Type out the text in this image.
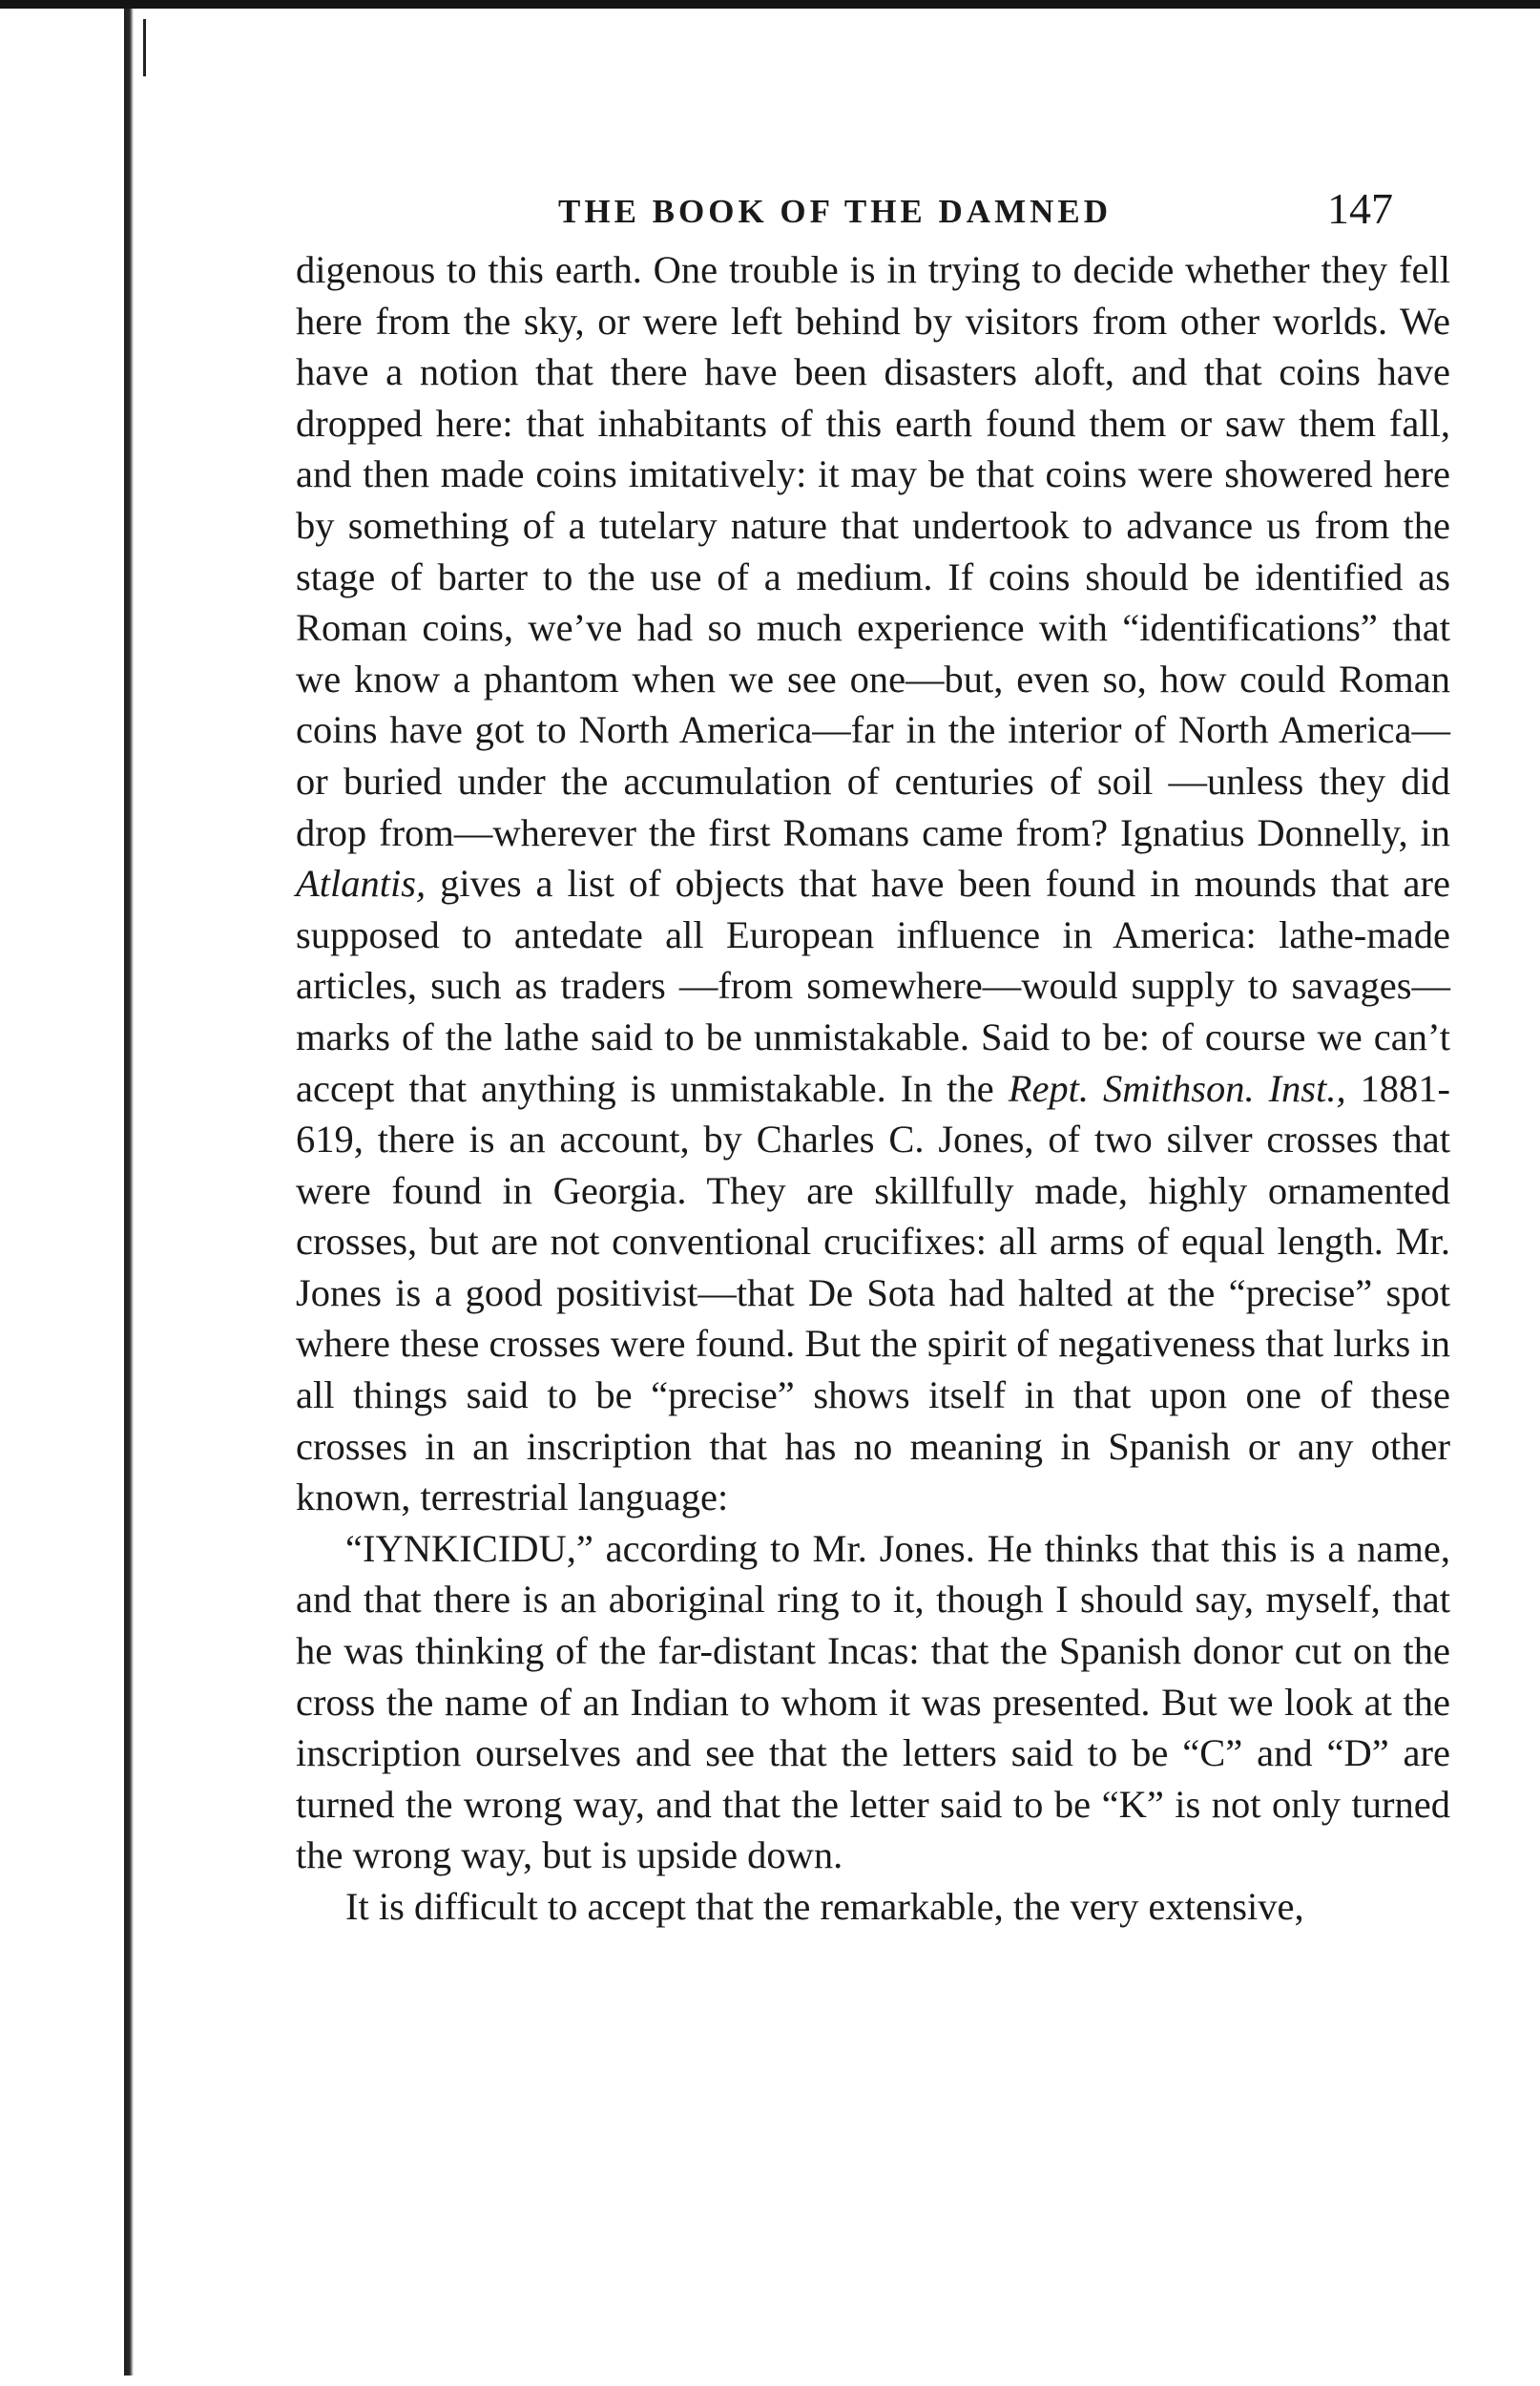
THE BOOK OF THE DAMNED	147

digenous to this earth. One trouble is in trying to decide whether they fell here from the sky, or were left behind by visitors from other worlds. We have a notion that there have been disasters aloft, and that coins have dropped here: that inhabitants of this earth found them or saw them fall, and then made coins imitatively: it may be that coins were showered here by something of a tutelary nature that undertook to advance us from the stage of barter to the use of a medium. If coins should be identified as Roman coins, we’ve had so much experience with “identifications” that we know a phantom when we see one—but, even so, how could Roman coins have got to North America—far in the interior of North America—or buried under the accumulation of centuries of soil —unless they did drop from—wherever the first Romans came from? Ignatius Donnelly, in Atlantis, gives a list of objects that have been found in mounds that are supposed to antedate all European influence in America: lathe-made articles, such as traders —from somewhere—would supply to savages—marks of the lathe said to be unmistakable. Said to be: of course we can’t accept that anything is unmistakable. In the Rept. Smithson. Inst., 1881-619, there is an account, by Charles C. Jones, of two silver crosses that were found in Georgia. They are skillfully made, highly ornamented crosses, but are not conventional crucifixes: all arms of equal length. Mr. Jones is a good positivist—that De Sota had halted at the “precise” spot where these crosses were found. But the spirit of negativeness that lurks in all things said to be “precise” shows itself in that upon one of these crosses in an inscription that has no meaning in Spanish or any other known, terrestrial language:

“IYNKICIDU,” according to Mr. Jones. He thinks that this is a name, and that there is an aboriginal ring to it, though I should say, myself, that he was thinking of the far-distant Incas: that the Spanish donor cut on the cross the name of an Indian to whom it was presented. But we look at the inscription ourselves and see that the letters said to be “C” and “D” are turned the wrong way, and that the letter said to be “K” is not only turned the wrong way, but is upside down.

It is difficult to accept that the remarkable, the very extensive,
